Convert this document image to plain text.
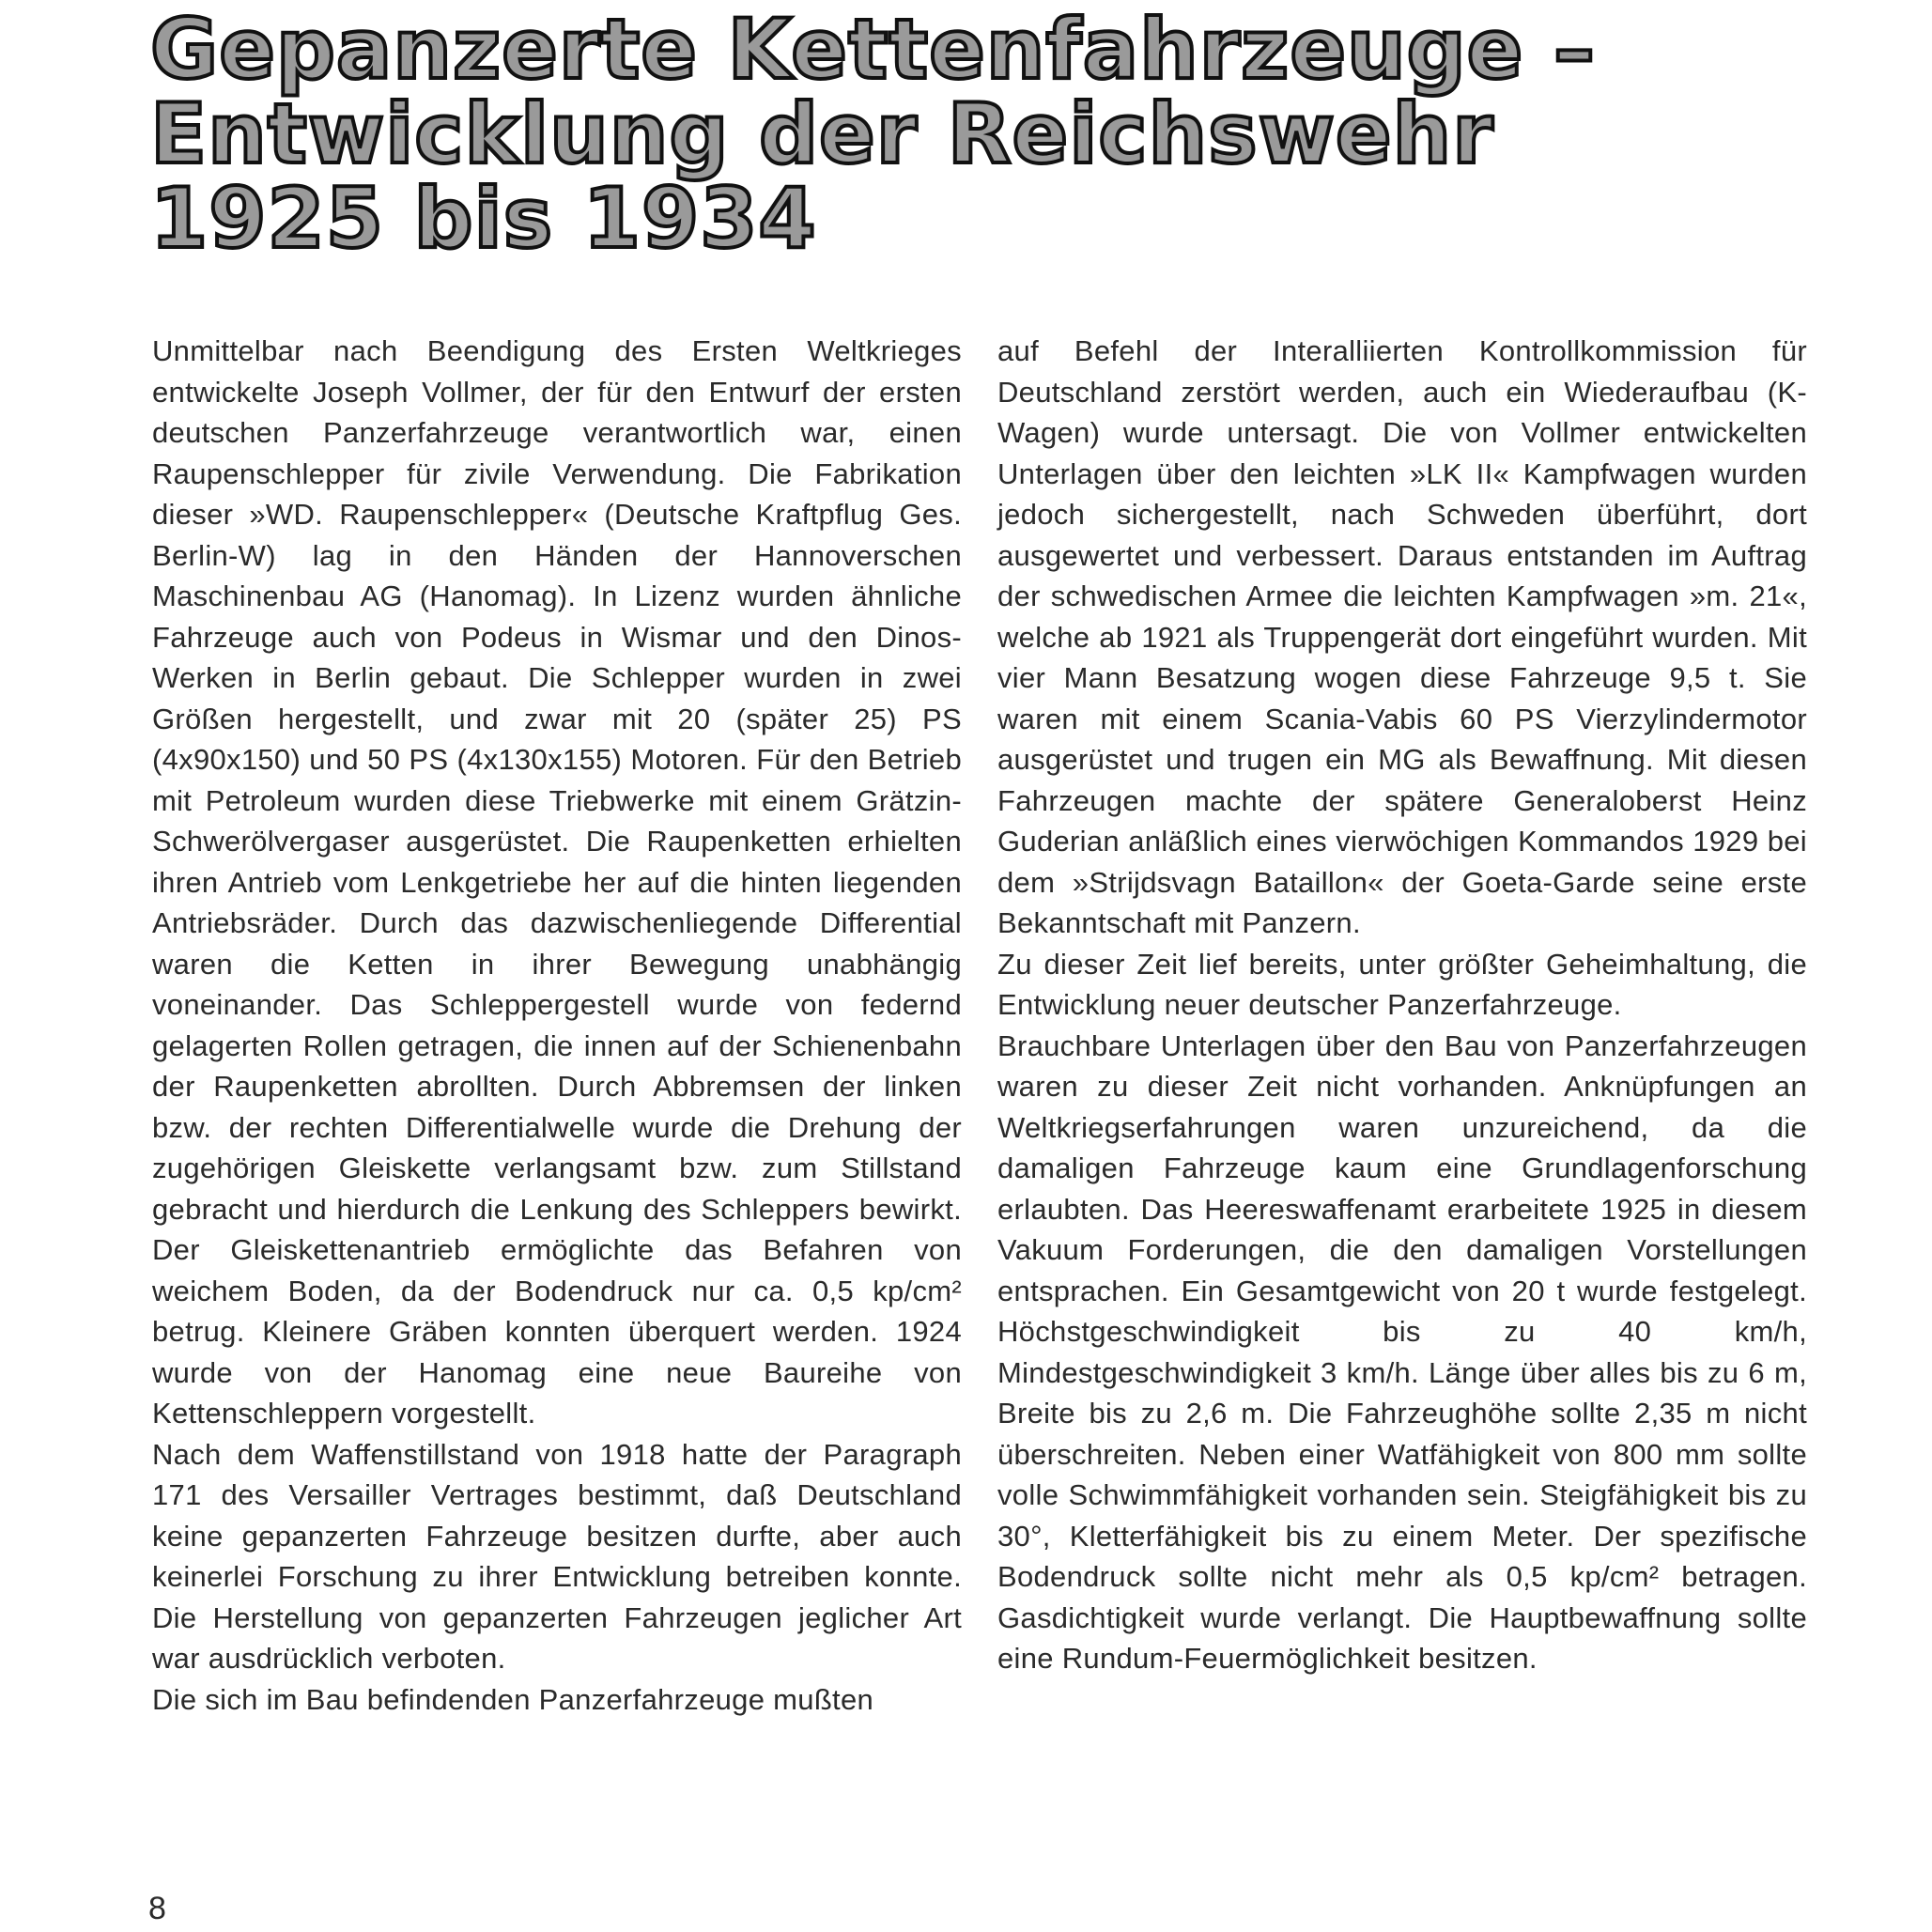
Gepanzerte Kettenfahrzeuge –
Entwicklung der Reichswehr
1925 bis 1934

Unmittelbar nach Beendigung des Ersten Weltkrieges entwickelte Joseph Vollmer, der für den Entwurf der ersten deutschen Panzerfahrzeuge verantwortlich war, einen Raupenschlepper für zivile Verwendung. Die Fabrikation dieser »WD. Raupenschlepper« (Deutsche Kraftpflug Ges. Berlin-W) lag in den Händen der Hannoverschen Maschinenbau AG (Hanomag). In Lizenz wurden ähnliche Fahrzeuge auch von Podeus in Wismar und den Dinos-Werken in Berlin gebaut. Die Schlepper wurden in zwei Größen hergestellt, und zwar mit 20 (später 25) PS (4x90x150) und 50 PS (4x130x155) Motoren. Für den Betrieb mit Petroleum wurden diese Triebwerke mit einem Grätzin-Schwerölvergaser ausgerüstet. Die Raupenketten erhielten ihren Antrieb vom Lenkgetriebe her auf die hinten liegenden Antriebsräder. Durch das dazwischenliegende Differential waren die Ketten in ihrer Bewegung unabhängig voneinander. Das Schleppergestell wurde von federnd gelagerten Rollen getragen, die innen auf der Schienenbahn der Raupenketten abrollten. Durch Abbremsen der linken bzw. der rechten Differentialwelle wurde die Drehung der zugehörigen Gleiskette verlangsamt bzw. zum Stillstand gebracht und hierdurch die Lenkung des Schleppers bewirkt. Der Gleiskettenantrieb ermöglichte das Befahren von weichem Boden, da der Bodendruck nur ca. 0,5 kp/cm² betrug. Kleinere Gräben konnten überquert werden. 1924 wurde von der Hanomag eine neue Baureihe von Kettenschleppern vorgestellt.

Nach dem Waffenstillstand von 1918 hatte der Paragraph 171 des Versailler Vertrages bestimmt, daß Deutschland keine gepanzerten Fahrzeuge besitzen durfte, aber auch keinerlei Forschung zu ihrer Entwicklung betreiben konnte. Die Herstellung von gepanzerten Fahrzeugen jeglicher Art war ausdrücklich verboten.

Die sich im Bau befindenden Panzerfahrzeuge mußten

auf Befehl der Interalliierten Kontrollkommission für Deutschland zerstört werden, auch ein Wiederaufbau (K-Wagen) wurde untersagt. Die von Vollmer entwickelten Unterlagen über den leichten »LK II« Kampfwagen wurden jedoch sichergestellt, nach Schweden überführt, dort ausgewertet und verbessert. Daraus entstanden im Auftrag der schwedischen Armee die leichten Kampfwagen »m. 21«, welche ab 1921 als Truppengerät dort eingeführt wurden. Mit vier Mann Besatzung wogen diese Fahrzeuge 9,5 t. Sie waren mit einem Scania-Vabis 60 PS Vierzylindermotor ausgerüstet und trugen ein MG als Bewaffnung. Mit diesen Fahrzeugen machte der spätere Generaloberst Heinz Guderian anläßlich eines vierwöchigen Kommandos 1929 bei dem »Strijdsvagn Bataillon« der Goeta-Garde seine erste Bekanntschaft mit Panzern.

Zu dieser Zeit lief bereits, unter größter Geheimhaltung, die Entwicklung neuer deutscher Panzerfahrzeuge.

Brauchbare Unterlagen über den Bau von Panzerfahrzeugen waren zu dieser Zeit nicht vorhanden. Anknüpfungen an Weltkriegserfahrungen waren unzureichend, da die damaligen Fahrzeuge kaum eine Grundlagenforschung erlaubten. Das Heereswaffenamt erarbeitete 1925 in diesem Vakuum Forderungen, die den damaligen Vorstellungen entsprachen. Ein Gesamtgewicht von 20 t wurde festgelegt. Höchstgeschwindigkeit bis zu 40 km/h, Mindestgeschwindigkeit 3 km/h. Länge über alles bis zu 6 m, Breite bis zu 2,6 m. Die Fahrzeughöhe sollte 2,35 m nicht überschreiten. Neben einer Watfähigkeit von 800 mm sollte volle Schwimmfähigkeit vorhanden sein. Steigfähigkeit bis zu 30°, Kletterfähigkeit bis zu einem Meter. Der spezifische Bodendruck sollte nicht mehr als 0,5 kp/cm² betragen. Gasdichtigkeit wurde verlangt. Die Hauptbewaffnung sollte eine Rundum-Feuermöglichkeit besitzen.

8
